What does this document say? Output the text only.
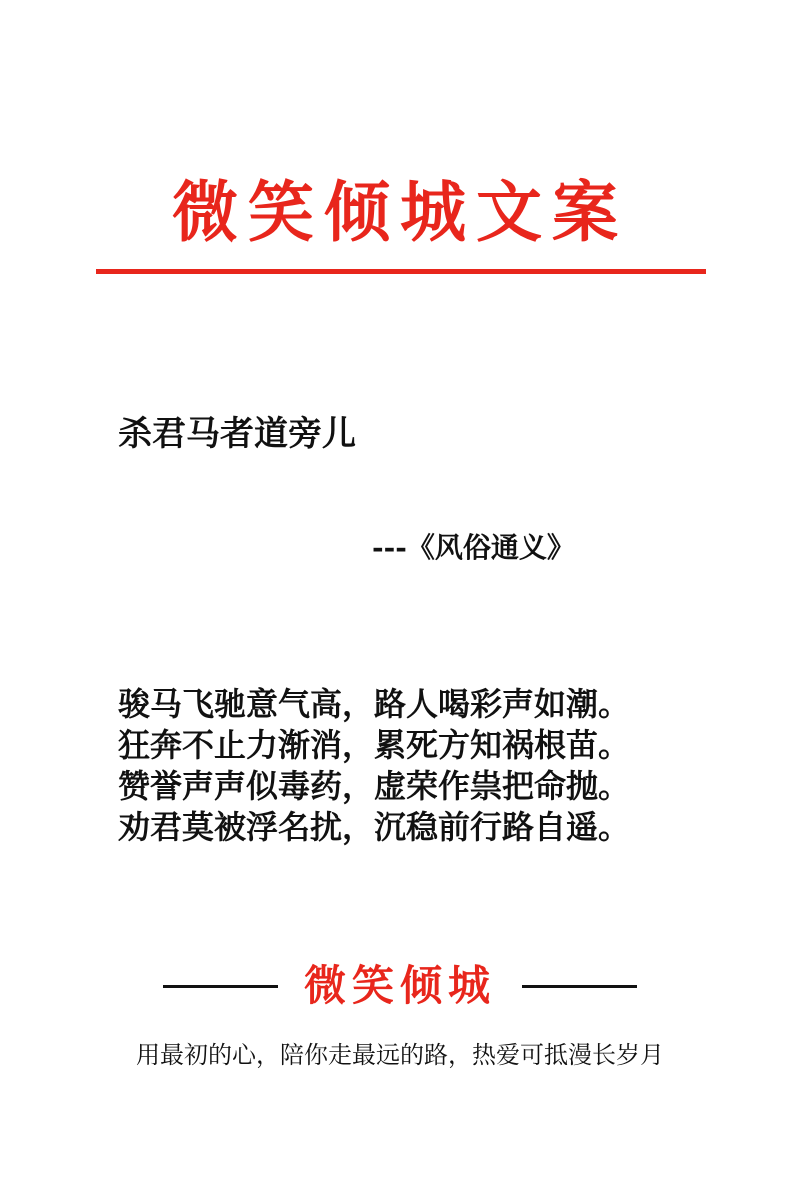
微笑倾城文案
杀君马者道旁儿
---《风俗通义》
骏马飞驰意气高，路人喝彩声如潮。
狂奔不止力渐消，累死方知祸根苗。
赞誉声声似毒药，虚荣作祟把命抛。
劝君莫被浮名扰，沉稳前行路自遥。
微笑倾城
用最初的心，陪你走最远的路，热爱可抵漫长岁月
